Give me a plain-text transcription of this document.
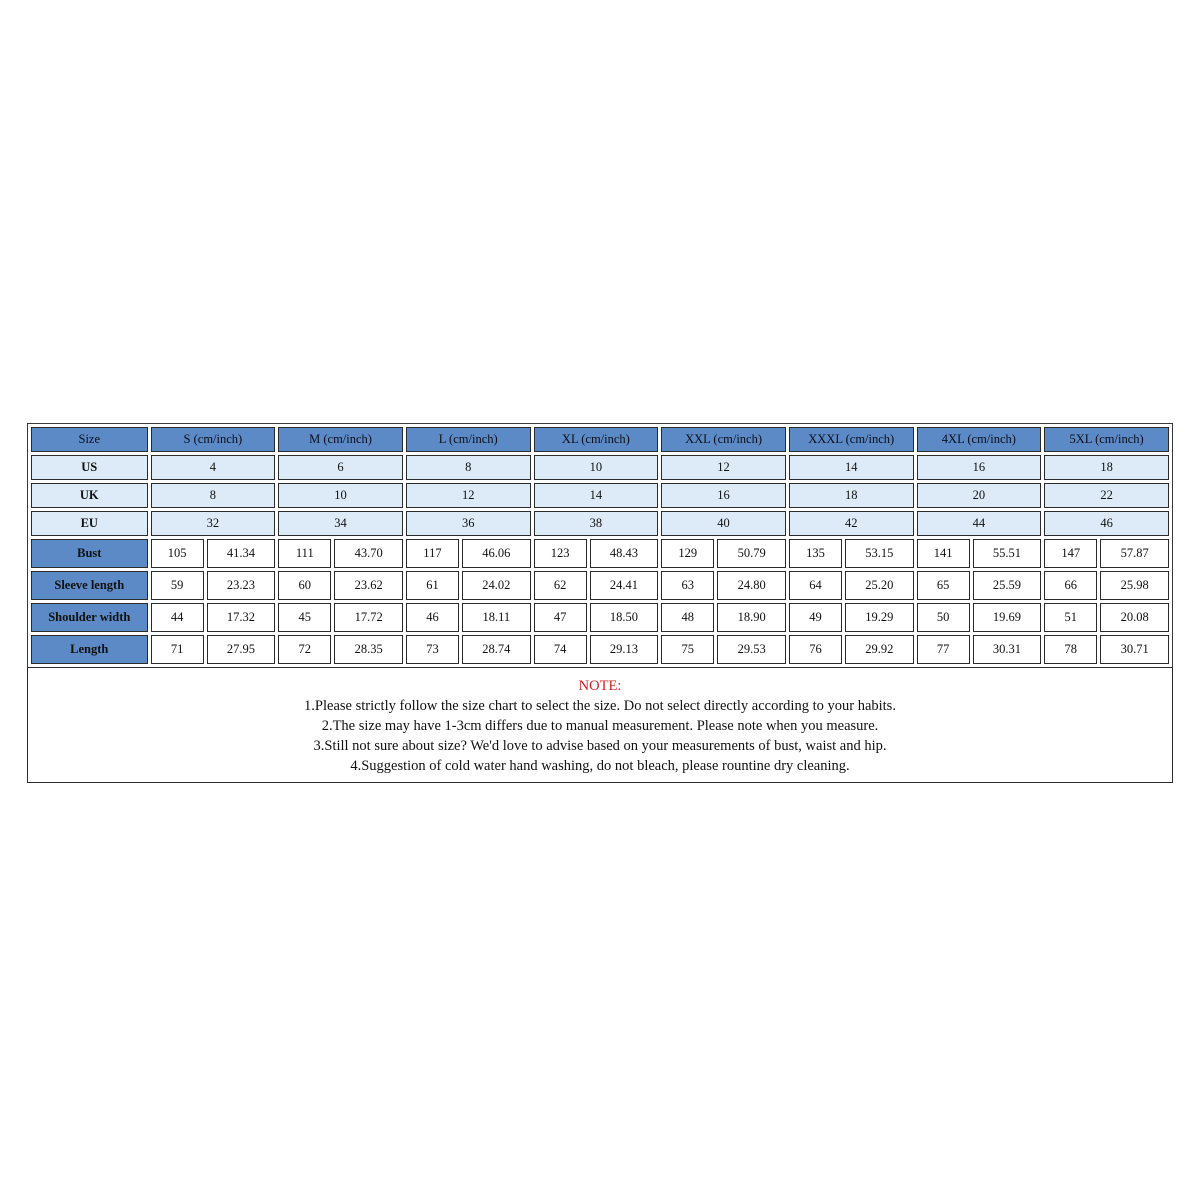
Size	S (cm/inch)		M (cm/inch)		L (cm/inch)		XL (cm/inch)		XXL (cm/inch)		XXXL (cm/inch)		4XL (cm/inch)		5XL (cm/inch)	
US	4		6		8		10		12		14		16		18	
UK	8		10		12		14		16		18		20		22	
EU	32		34		36		38		40		42		44		46	
Bust	105	41.34	111	43.70	117	46.06	123	48.43	129	50.79	135	53.15	141	55.51	147	57.87
Sleeve length	59	23.23	60	23.62	61	24.02	62	24.41	63	24.80	64	25.20	65	25.59	66	25.98
Shoulder width	44	17.32	45	17.72	46	18.11	47	18.50	48	18.90	49	19.29	50	19.69	51	20.08
Length	71	27.95	72	28.35	73	28.74	74	29.13	75	29.53	76	29.92	77	30.31	78	30.71
NOTE:
1.Please strictly follow the size chart to select the size. Do not select directly according to your habits.
2.The size may have 1-3cm differs due to manual measurement. Please note when you measure.
3.Still not sure about size? We'd love to advise based on your measurements of bust, waist and hip.
4.Suggestion of cold water hand washing, do not bleach, please rountine dry cleaning.
